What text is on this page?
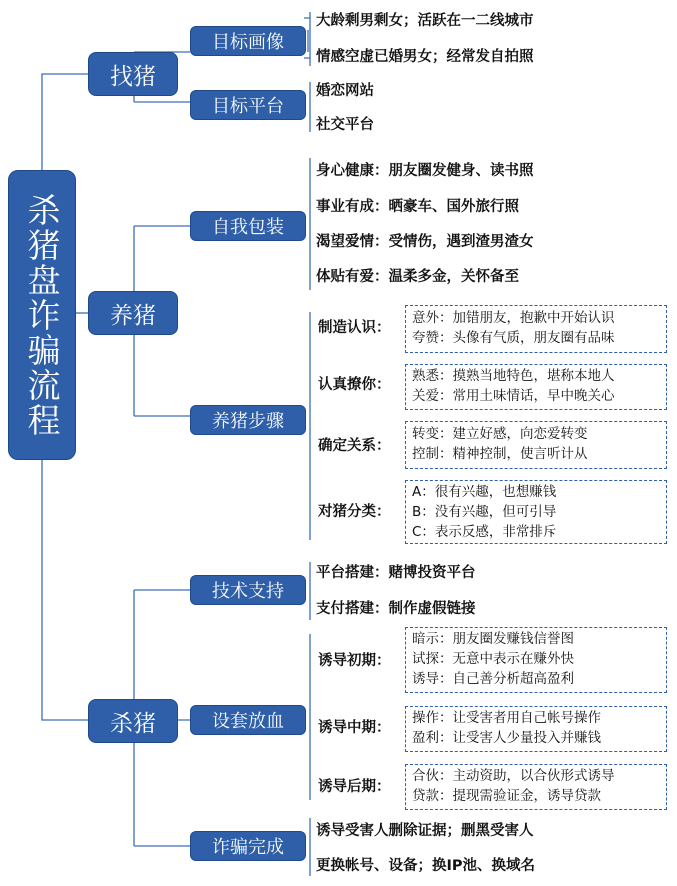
杀猪盘诈骗流程
找猪
养猪
杀猪
目标画像
目标平台
自我包装
养猪步骤
技术支持
设套放血
诈骗完成
大龄剩男剩女；活跃在一二线城市
情感空虚已婚男女；经常发自拍照
婚恋网站
社交平台
身心健康：朋友圈发健身、读书照
事业有成：晒豪车、国外旅行照
渴望爱情：受情伤，遇到渣男渣女
体贴有爱：温柔多金，关怀备至
制造认识：
意外：加错朋友，抱歉中开始认识
夸赞：头像有气质，朋友圈有品味
认真撩你：
熟悉：摸熟当地特色，堪称本地人
关爱：常用土味情话，早中晚关心
确定关系：
转变：建立好感，向恋爱转变
控制：精神控制，使言听计从
对猪分类：
A：很有兴趣，也想赚钱
B：没有兴趣，但可引导
C：表示反感，非常排斥
平台搭建：赌博投资平台
支付搭建：制作虚假链接
诱导初期：
暗示：朋友圈发赚钱信誉图
试探：无意中表示在赚外快
诱导：自己善分析超高盈利
诱导中期：
操作：让受害者用自己帐号操作
盈利：让受害人少量投入并赚钱
诱导后期：
合伙：主动资助，以合伙形式诱导
贷款：提现需验证金，诱导贷款
诱导受害人删除证据；删黑受害人
更换帐号、设备；换IP池、换域名
